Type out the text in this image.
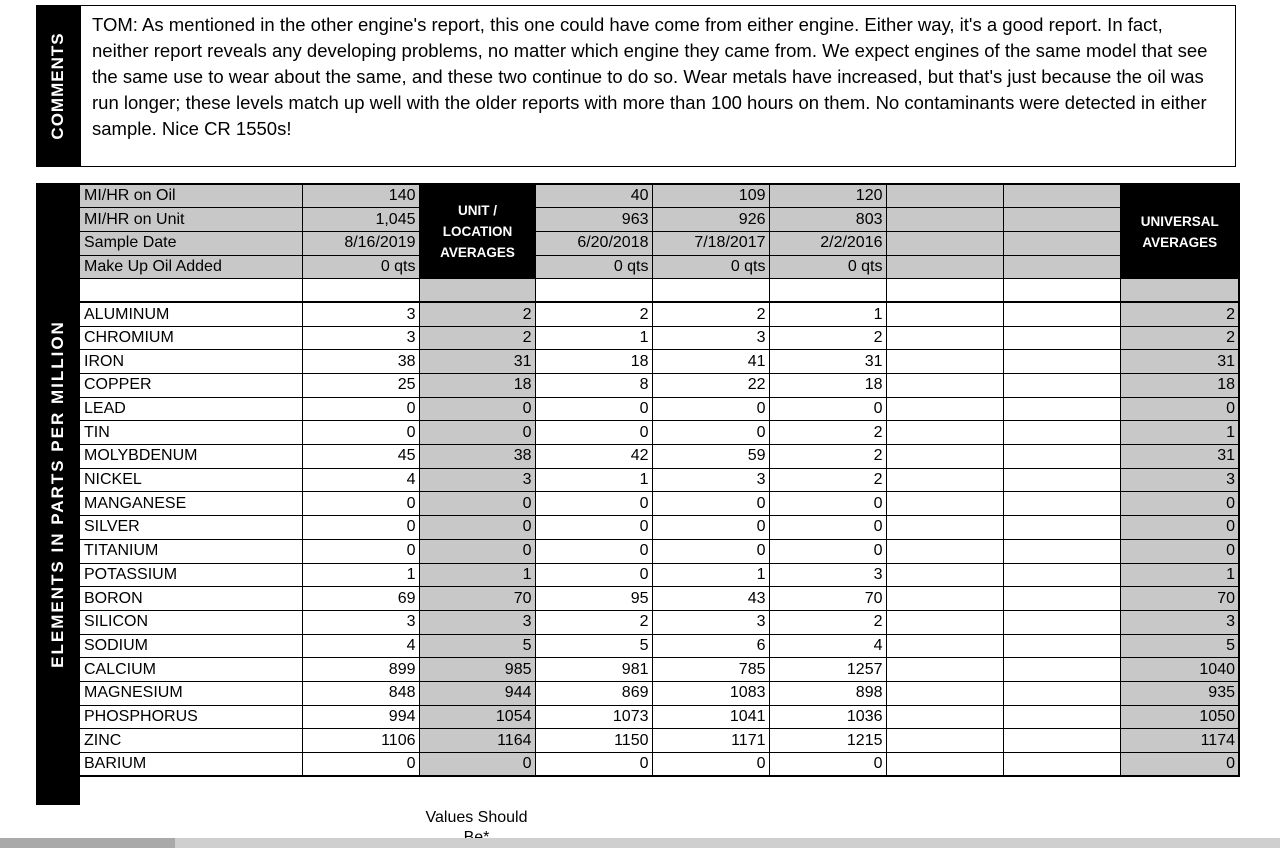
COMMENTS
TOM: As mentioned in the other engine's report, this one could have come from either engine. Either way, it's a good report. In fact, neither report reveals any developing problems, no matter which engine they came from. We expect engines of the same model that see the same use to wear about the same, and these two continue to do so. Wear metals have increased, but that's just because the oil was run longer; these levels match up well with the older reports with more than 100 hours on them. No contaminants were detected in either sample. Nice CR 1550s!
ELEMENTS IN PARTS PER MILLION
MI/HR on Oil	140	UNIT / LOCATION AVERAGES	40	109	120			UNIVERSAL AVERAGES
MI/HR on Unit	1,045		963	926	803			
Sample Date	8/16/2019		6/20/2018	7/18/2017	2/2/2016			
Make Up Oil Added	0 qts		0 qts	0 qts	0 qts			

ALUMINUM	3	2	2	2	1			2
CHROMIUM	3	2	1	3	2			2
IRON	38	31	18	41	31			31
COPPER	25	18	8	22	18			18
LEAD	0	0	0	0	0			0
TIN	0	0	0	0	2			1
MOLYBDENUM	45	38	42	59	2			31
NICKEL	4	3	1	3	2			3
MANGANESE	0	0	0	0	0			0
SILVER	0	0	0	0	0			0
TITANIUM	0	0	0	0	0			0
POTASSIUM	1	1	0	1	3			1
BORON	69	70	95	43	70			70
SILICON	3	3	2	3	2			3
SODIUM	4	5	5	6	4			5
CALCIUM	899	985	981	785	1257			1040
MAGNESIUM	848	944	869	1083	898			935
PHOSPHORUS	994	1054	1073	1041	1036			1050
ZINC	1106	1164	1150	1171	1215			1174
BARIUM	0	0	0	0	0			0
Values Should
